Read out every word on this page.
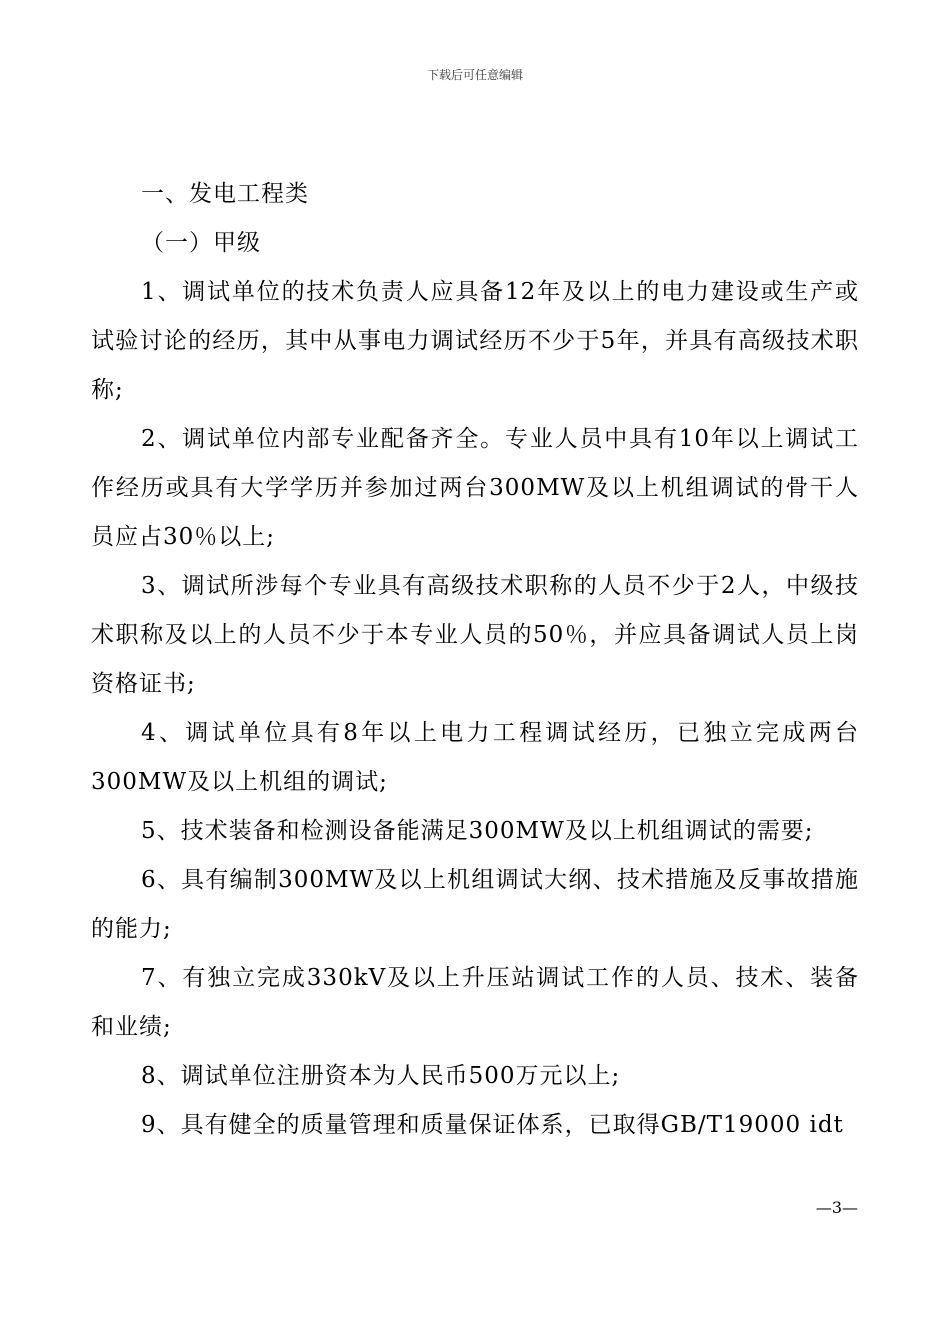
下载后可任意编辑

一、发电工程类

（一）甲级

1、调试单位的技术负责人应具备12年及以上的电力建设或生产或试验讨论的经历，其中从事电力调试经历不少于5年，并具有高级技术职称;

2、调试单位内部专业配备齐全。专业人员中具有10年以上调试工作经历或具有大学学历并参加过两台300MW及以上机组调试的骨干人员应占30％以上;

3、调试所涉每个专业具有高级技术职称的人员不少于2人，中级技术职称及以上的人员不少于本专业人员的50％，并应具备调试人员上岗资格证书;

4、调试单位具有8年以上电力工程调试经历，已独立完成两台300MW及以上机组的调试;

5、技术装备和检测设备能满足300MW及以上机组调试的需要;

6、具有编制300MW及以上机组调试大纲、技术措施及反事故措施的能力;

7、有独立完成330kV及以上升压站调试工作的人员、技术、装备和业绩;

8、调试单位注册资本为人民币500万元以上;

9、具有健全的质量管理和质量保证体系，已取得GB/T19000 idt

—3—
